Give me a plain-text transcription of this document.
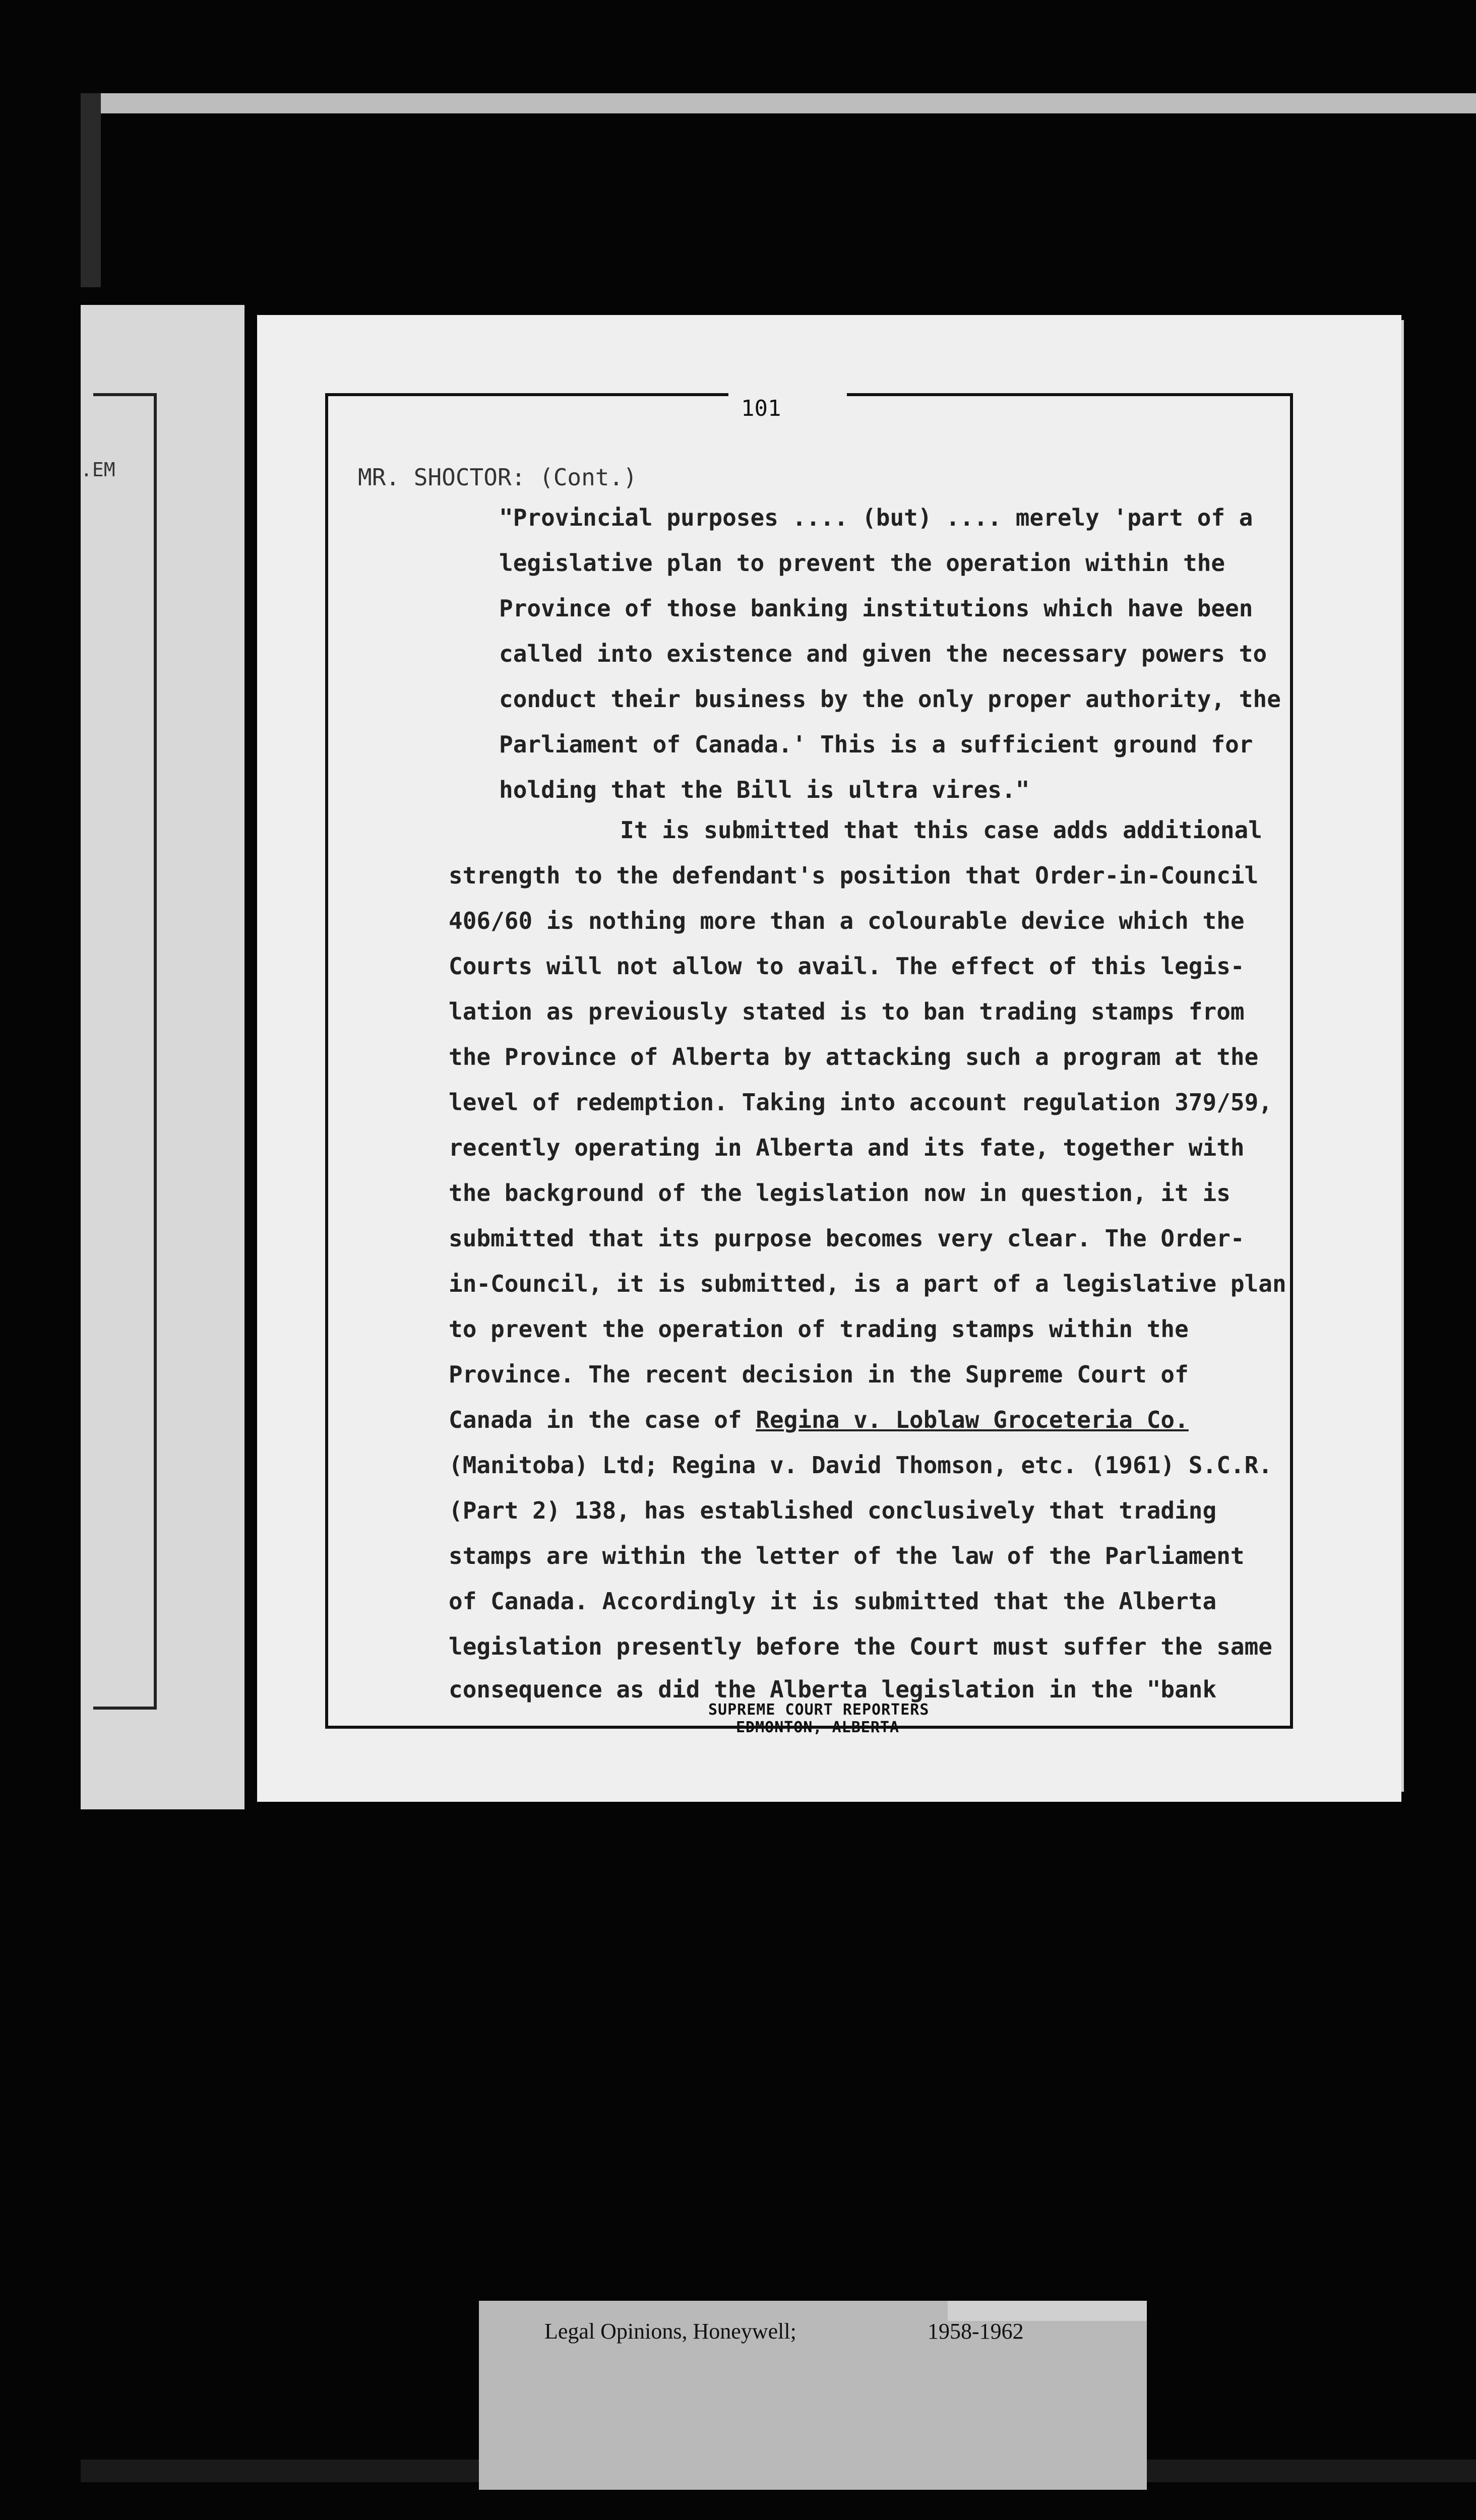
.EM
101
MR. SHOCTOR: (Cont.)
"Provincial purposes .... (but) .... merely 'part of a
legislative plan to prevent the operation within the
Province of those banking institutions which have been
called into existence and given the necessary powers to
conduct their business by the only proper authority, the
Parliament of Canada.' This is a sufficient ground for
holding that the Bill is ultra vires."
It is submitted that this case adds additional
strength to the defendant's position that Order-in-Council
406/60 is nothing more than a colourable device which the
Courts will not allow to avail. The effect of this legis-
lation as previously stated is to ban trading stamps from
the Province of Alberta by attacking such a program at the
level of redemption. Taking into account regulation 379/59,
recently operating in Alberta and its fate, together with
the background of the legislation now in question, it is
submitted that its purpose becomes very clear. The Order-
in-Council, it is submitted, is a part of a legislative plan
to prevent the operation of trading stamps within the
Province. The recent decision in the Supreme Court of
Canada in the case of Regina v. Loblaw Groceteria Co.
(Manitoba) Ltd; Regina v. David Thomson, etc. (1961) S.C.R.
(Part 2) 138, has established conclusively that trading
stamps are within the letter of the law of the Parliament
of Canada. Accordingly it is submitted that the Alberta
legislation presently before the Court must suffer the same
consequence as did the Alberta legislation in the "bank
SUPREME COURT REPORTERS
EDMONTON, ALBERTA
Legal Opinions, Honeywell;	1958-1962
